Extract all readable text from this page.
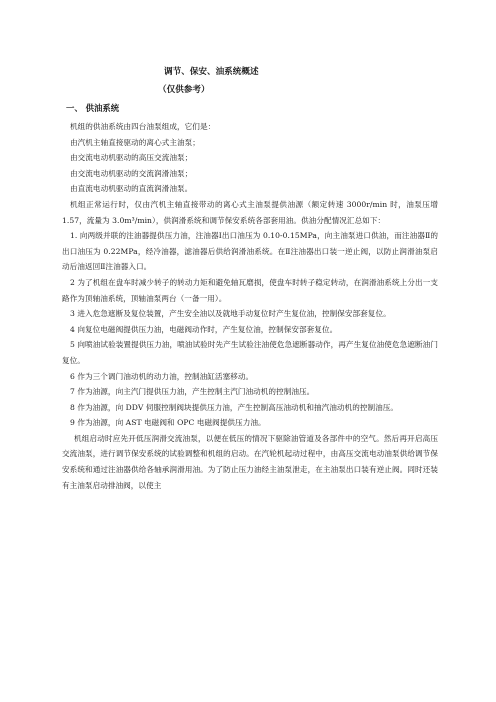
调节、保安、油系统概述
（仅供参考）
一、 供油系统

机组的供油系统由四台油泵组成，它们是：

由汽机主轴直接驱动的离心式主油泵；

由交流电动机驱动的高压交流油泵；

由交流电动机驱动的交流润滑油泵；

由直流电动机驱动的直流润滑油泵。

机组正常运行时，仅由汽机主轴直接带动的离心式主油泵提供油源（额定转速 3000r/min 时，油泵压增 1.57，流量为 3.0m³/min），供润滑系统和调节保安系统各部套用油。供油分配情况汇总如下：

1. 向两级并联的注油器提供压力油，注油器Ⅰ出口油压为 0.10-0.15MPa，向主油泵进口供油，而注油器Ⅱ的出口油压为 0.22MPa，经冷油器，滤油器后供给润滑油系统。在Ⅱ注油器出口装一逆止阀，以防止润滑油泵启动后油返回Ⅱ注油器入口。

2 为了机组在盘车时减少转子的转动力矩和避免轴瓦磨损，使盘车时转子稳定转动，在润滑油系统上分出一支路作为顶轴油系统，顶轴油泵两台（一备一用）。

3 进入危急遮断及复位装置，产生安全油以及就地手动复位时产生复位油，控制保安部套复位。

4 向复位电磁阀提供压力油，电磁阀动作时，产生复位油，控制保安部套复位。

5 向喷油试验装置提供压力油，喷油试验时先产生试验注油使危急遮断器动作，再产生复位油使危急遮断油门复位。

6 作为三个调门油动机的动力油，控制油缸活塞移动。

7 作为油源，向主汽门提供压力油，产生控制主汽门油动机的控制油压。

8 作为油源，向 DDV 伺服控制阀块提供压力油，产生控制高压油动机和抽汽油动机的控制油压。

9 作为油源，向 AST 电磁阀和 OPC 电磁阀提供压力油。

机组启动时应先开低压润滑交流油泵，以便在低压的情况下驱除油管道及各部件中的空气。然后再开启高压交流油泵，进行调节保安系统的试验调整和机组的启动。在汽轮机起动过程中，由高压交流电动油泵供给调节保安系统和通过注油器供给各轴承润滑用油。为了防止压力油经主油泵泄走，在主油泵出口装有逆止阀。同时还装有主油泵启动排油阀，以使主
